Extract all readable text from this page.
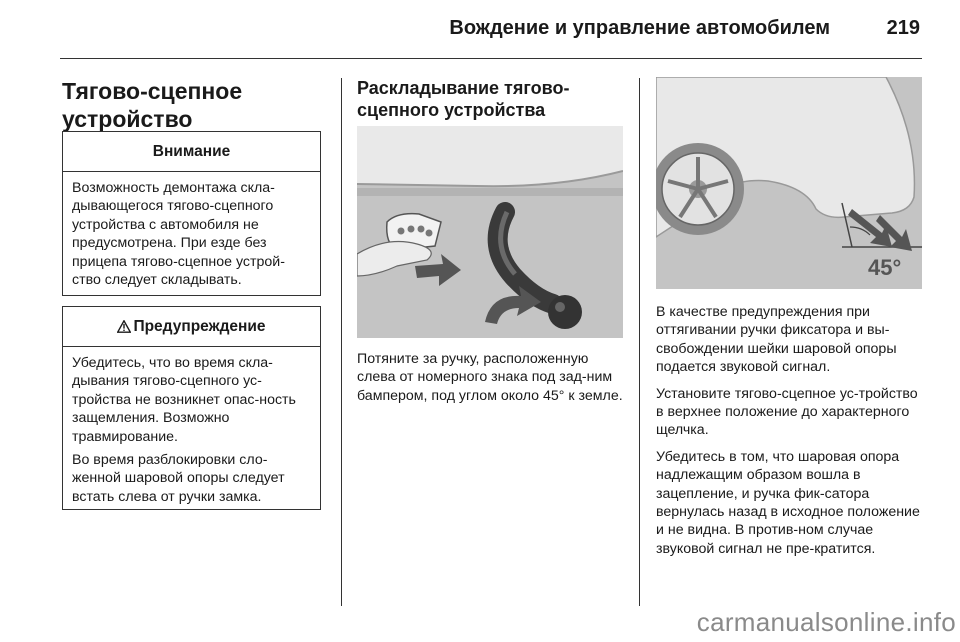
Вождение и управление автомобилем	219
Тягово-сцепное устройство
Внимание

Возможность демонтажа скла-дывающегося тягово-сцепного устройства с автомобиля не предусмотрена. При езде без прицепа тягово-сцепное устрой-ство следует складывать.

Предупреждение

Убедитесь, что во время скла-дывания тягово-сцепного ус-тройства не возникнет опас-ность защемления. Возможно травмирование.

Во время разблокировки сло-женной шаровой опоры следует встать слева от ручки замка.

Раскладывание тягово-сцепного устройства
Потяните за ручку, расположенную слева от номерного знака под зад-ним бампером, под углом около 45° к земле.
45°

В качестве предупреждения при оттягивании ручки фиксатора и вы-свобождении шейки шаровой опоры подается звуковой сигнал.

Установите тягово-сцепное ус-тройство в верхнее положение до характерного щелчка.

Убедитесь в том, что шаровая опора надлежащим образом вошла в зацепление, и ручка фик-сатора вернулась назад в исходное положение и не видна. В против-ном случае звуковой сигнал не пре-кратится.

carmanualsonline.info
